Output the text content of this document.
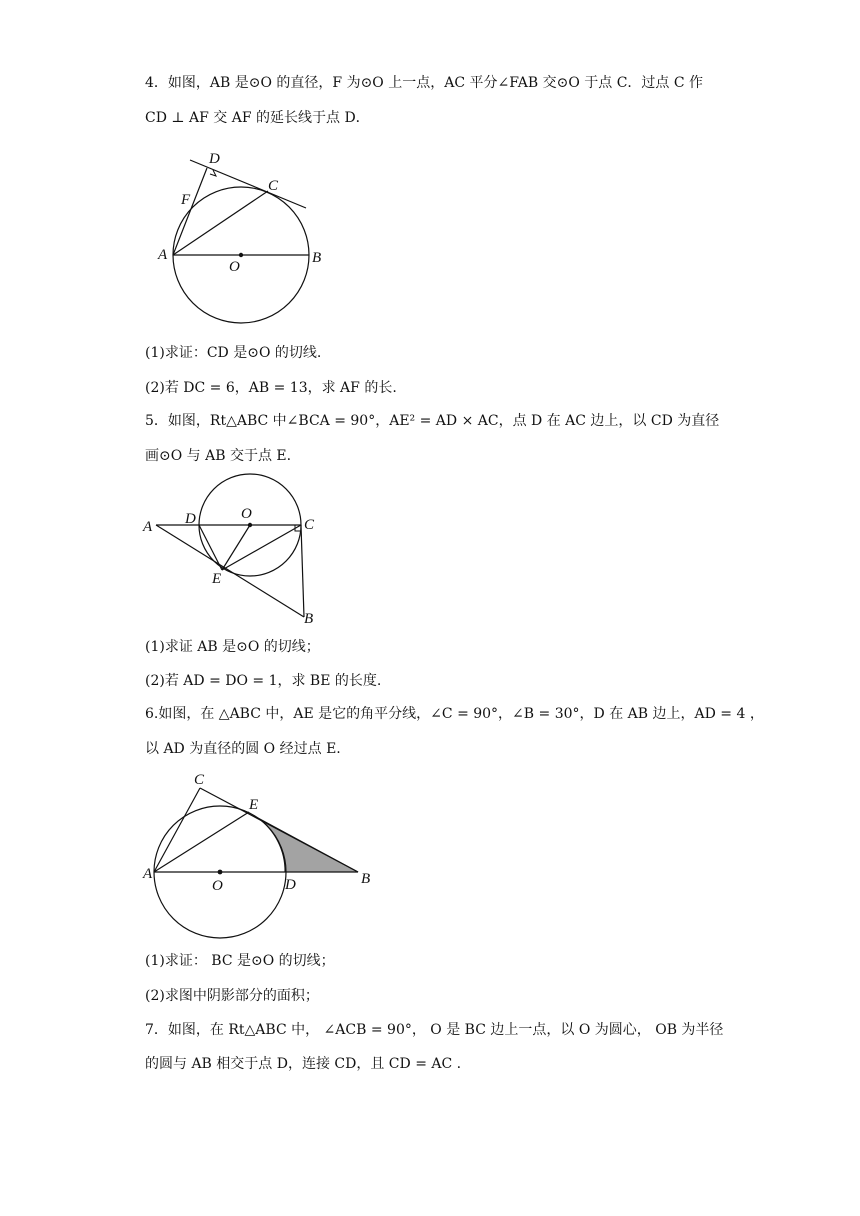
4．如图，AB 是⊙O 的直径，F 为⊙O 上一点，AC 平分∠FAB 交⊙O 于点 C．过点 C 作
CD ⊥ AF 交 AF 的延长线于点 D．
D
C
F
A
O
B
(1)求证：CD 是⊙O 的切线.
(2)若 DC = 6，AB = 13，求 AF 的长.
5．如图，Rt△ABC 中∠BCA = 90°，AE² = AD × AC，点 D 在 AC 边上，以 CD 为直径
画⊙O 与 AB 交于点 E.
A D	O
C
E
B
(1)求证 AB 是⊙O 的切线；
(2)若 AD = DO = 1，求 BE 的长度.
6.如图，在 △ABC 中，AE 是它的角平分线，∠C = 90°，∠B = 30°，D 在 AB 边上，AD = 4 ，
以 AD 为直径的圆 O 经过点 E.
C
E
A
O	D	B
(1)求证： BC 是⊙O 的切线；
(2)求图中阴影部分的面积；
7．如图，在 Rt△ABC 中， ∠ACB = 90°， O 是 BC 边上一点，以 O 为圆心， OB 为半径
的圆与 AB 相交于点 D，连接 CD，且 CD = AC .
